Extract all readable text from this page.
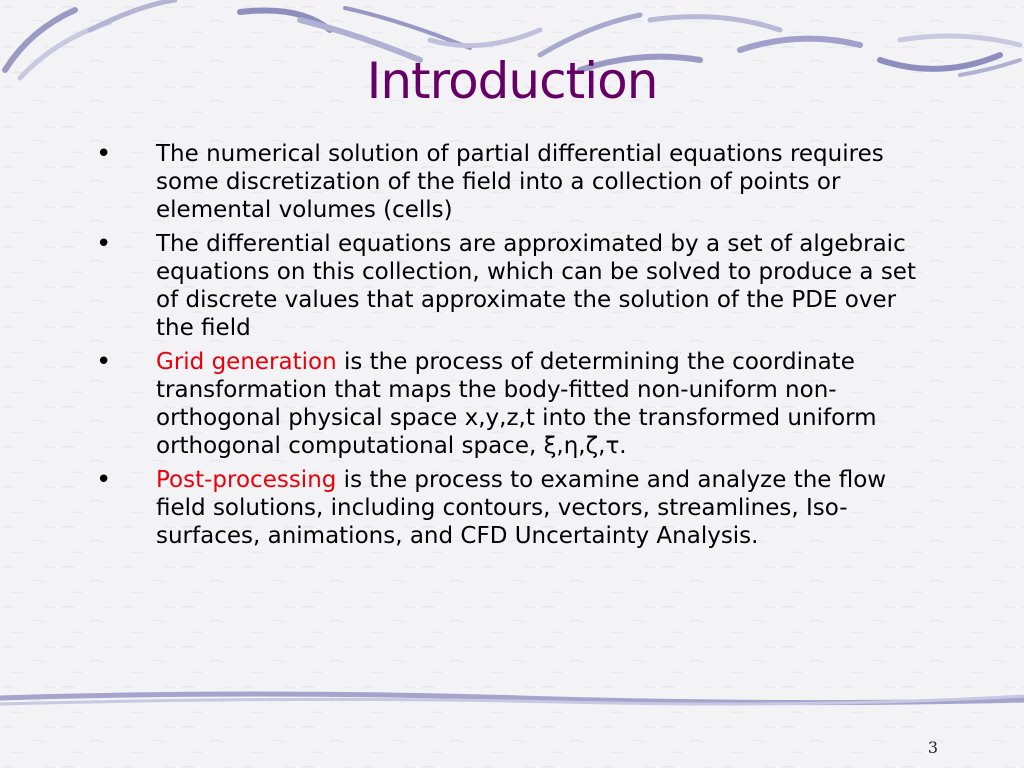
Introduction
• The numerical solution of partial differential equations requires some discretization of the field into a collection of points or elemental volumes (cells)
• The differential equations are approximated by a set of algebraic equations on this collection, which can be solved to produce a set of discrete values that approximate the solution of the PDE over the field
• Grid generation is the process of determining the coordinate transformation that maps the body-fitted non-uniform non-orthogonal physical space x,y,z,t into the transformed uniform orthogonal computational space, ξ,η,ζ,τ.
• Post-processing is the process to examine and analyze the flow field solutions, including contours, vectors, streamlines, Iso-surfaces, animations, and CFD Uncertainty Analysis.
3
